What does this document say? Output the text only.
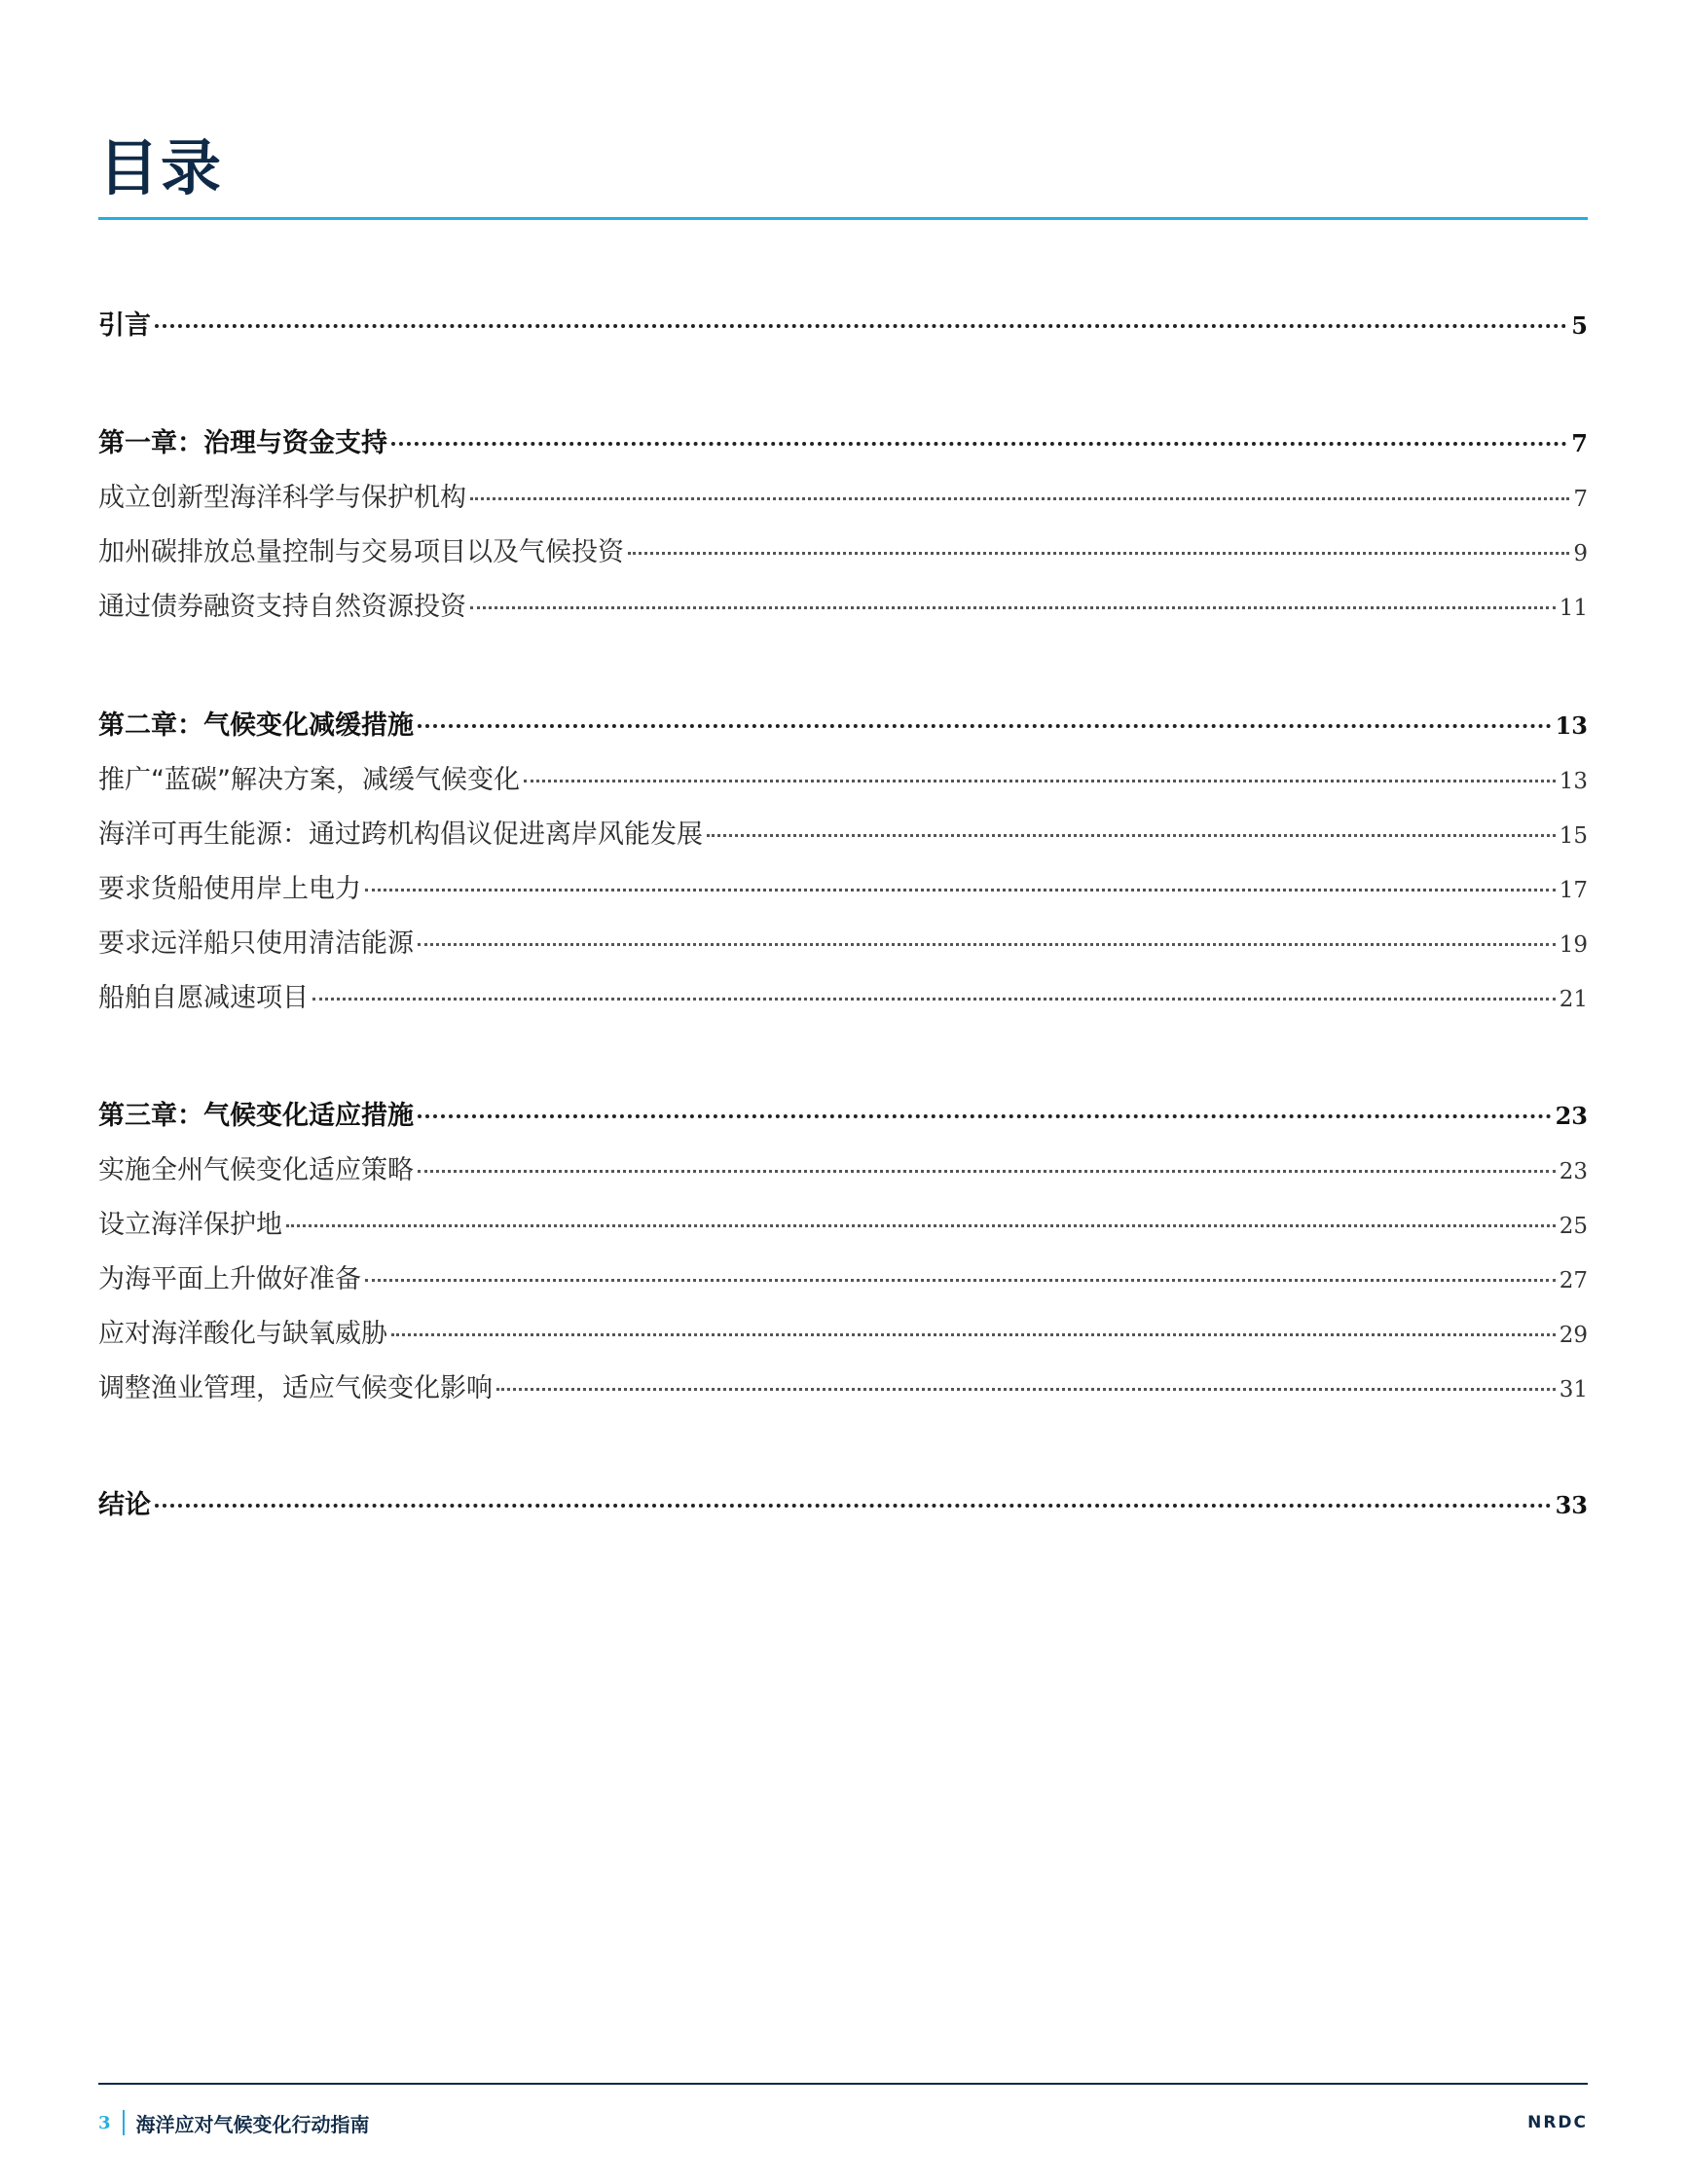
目录
引言	5
第一章：治理与资金支持	7
成立创新型海洋科学与保护机构	7
加州碳排放总量控制与交易项目以及气候投资	9
通过债券融资支持自然资源投资	11
第二章：气候变化减缓措施	13
推广“蓝碳”解决方案，减缓气候变化	13
海洋可再生能源：通过跨机构倡议促进离岸风能发展	15
要求货船使用岸上电力	17
要求远洋船只使用清洁能源	19
船舶自愿减速项目	21
第三章：气候变化适应措施	23
实施全州气候变化适应策略	23
设立海洋保护地	25
为海平面上升做好准备	27
应对海洋酸化与缺氧威胁	29
调整渔业管理，适应气候变化影响	31
结论	33
3 海洋应对气候变化行动指南	NRDC
